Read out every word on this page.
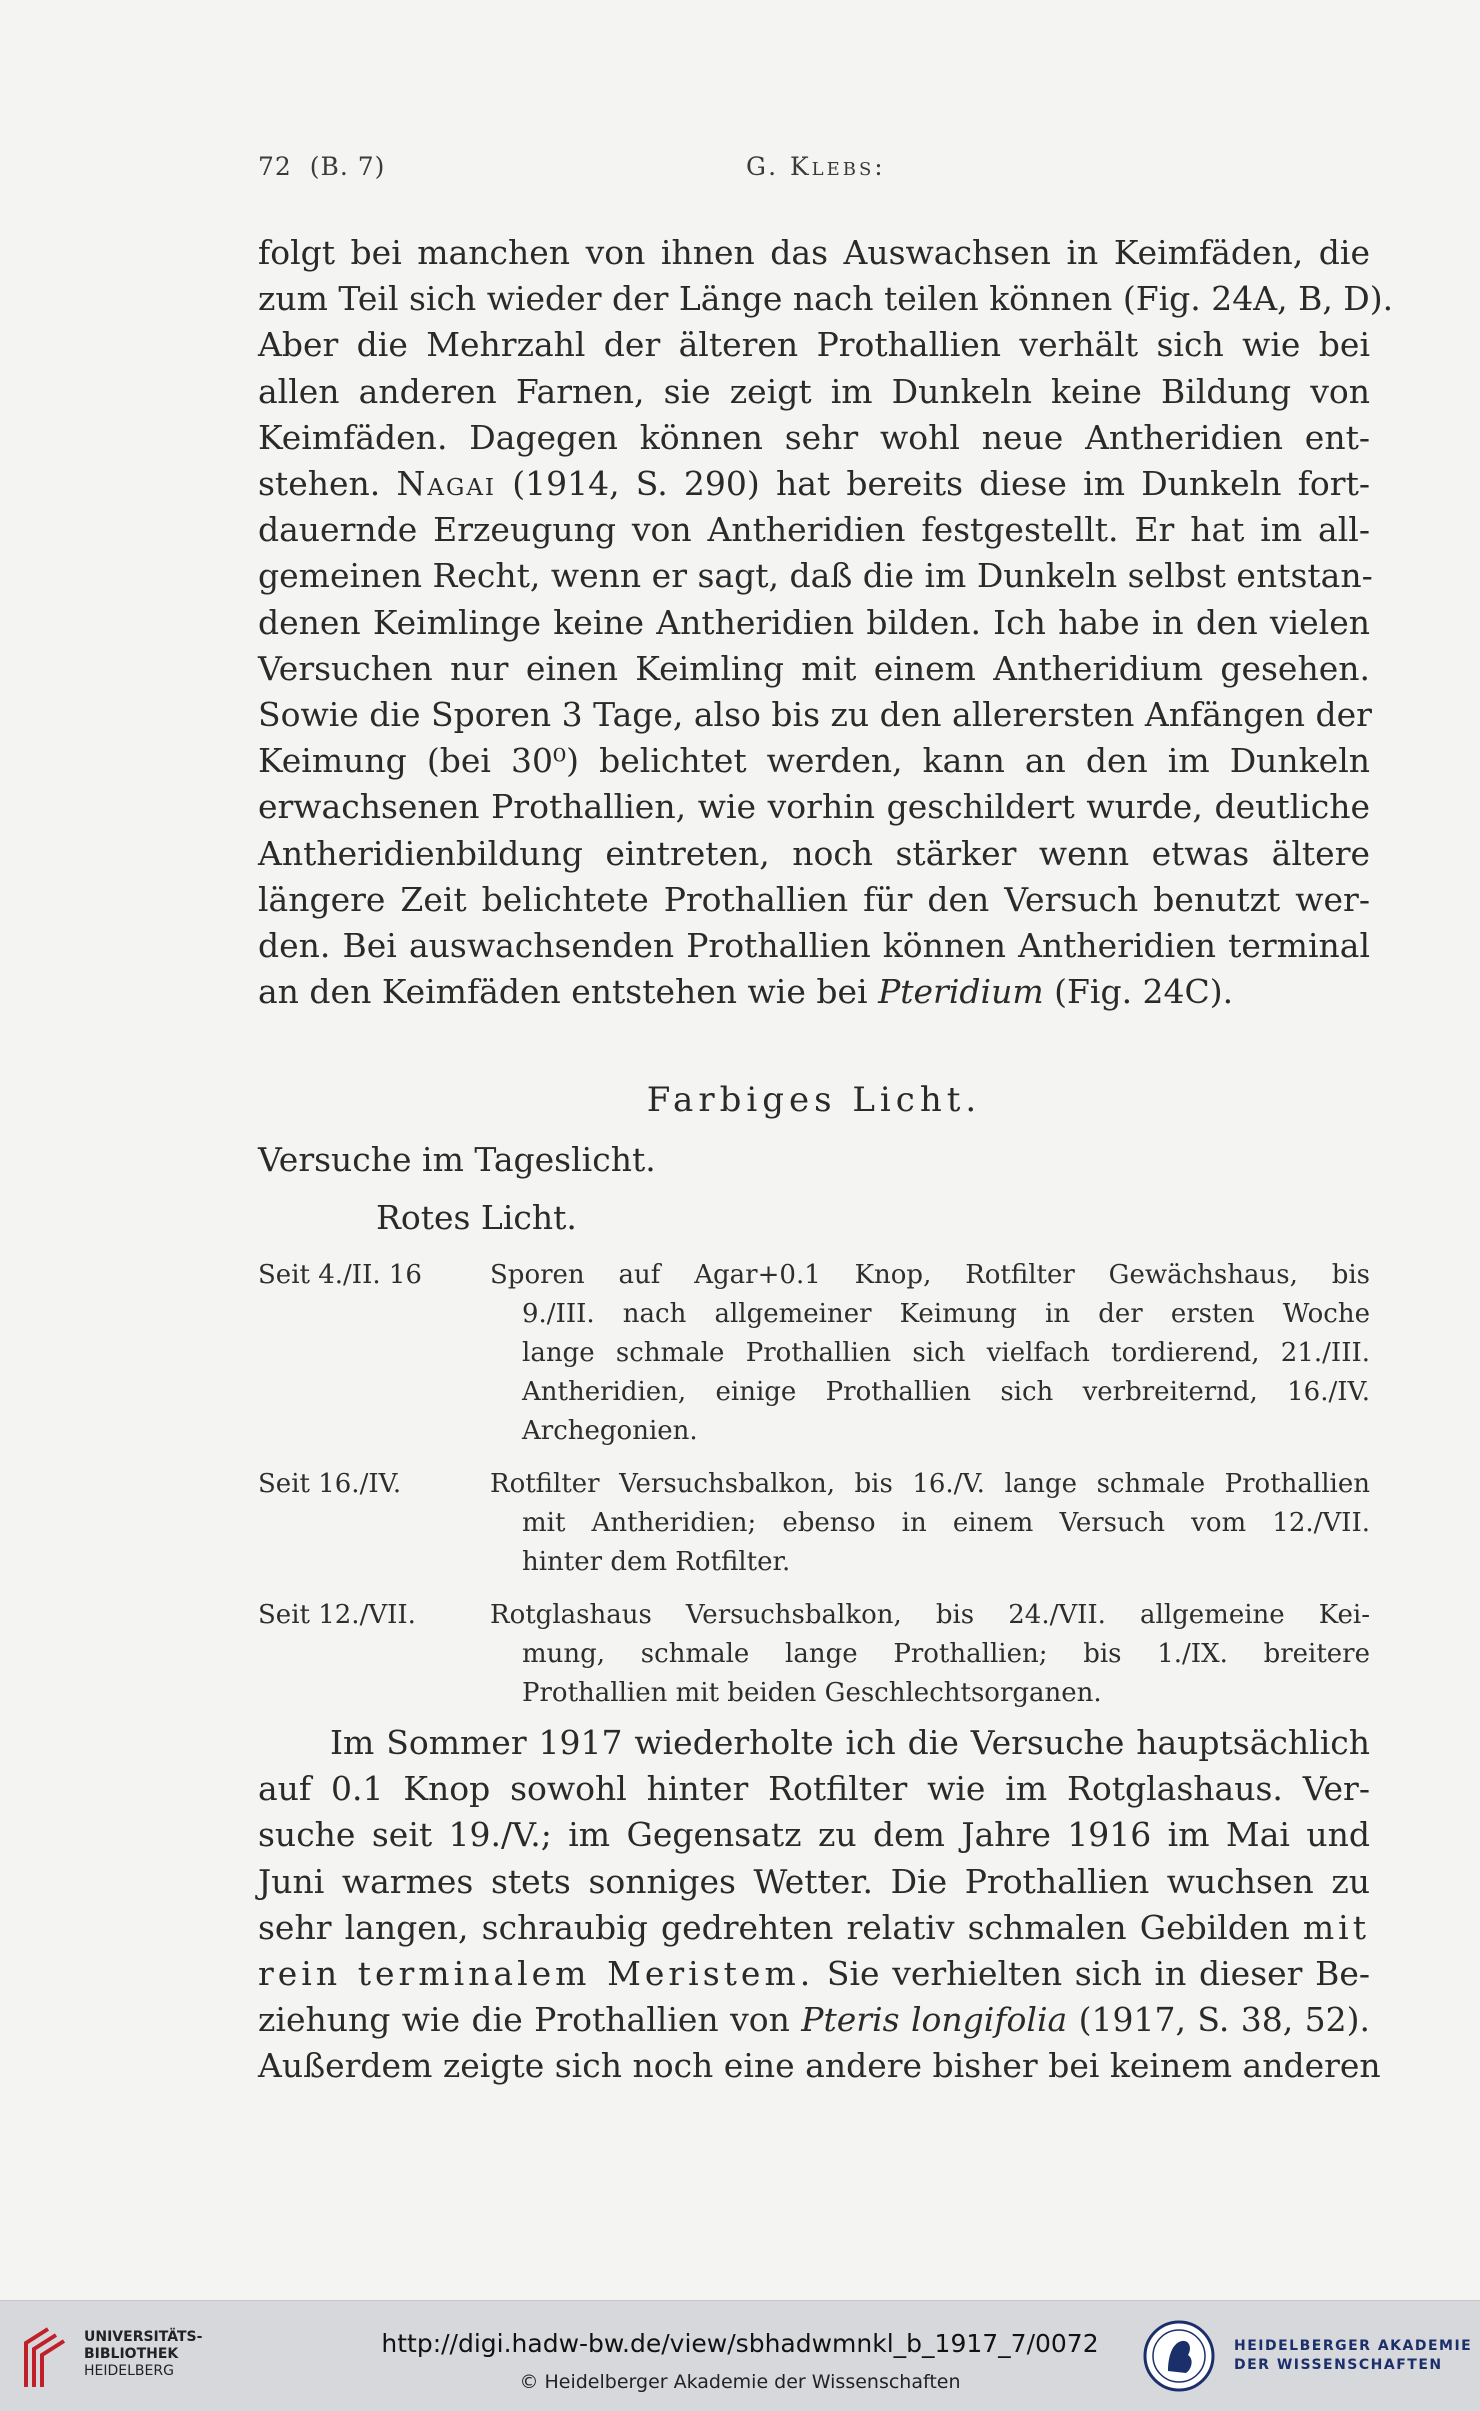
72 (B. 7)	G. Klebs:
folgt bei manchen von ihnen das Auswachsen in Keimfäden, die
zum Teil sich wieder der Länge nach teilen können (Fig. 24A, B, D).
Aber die Mehrzahl der älteren Prothallien verhält sich wie bei
allen anderen Farnen, sie zeigt im Dunkeln keine Bildung von
Keimfäden. Dagegen können sehr wohl neue Antheridien ent-
stehen. Nagai (1914, S. 290) hat bereits diese im Dunkeln fort-
dauernde Erzeugung von Antheridien festgestellt. Er hat im all-
gemeinen Recht, wenn er sagt, daß die im Dunkeln selbst entstan-
denen Keimlinge keine Antheridien bilden. Ich habe in den vielen
Versuchen nur einen Keimling mit einem Antheridium gesehen.
Sowie die Sporen 3 Tage, also bis zu den allerersten Anfängen der
Keimung (bei 30⁰) belichtet werden, kann an den im Dunkeln
erwachsenen Prothallien, wie vorhin geschildert wurde, deutliche
Antheridienbildung eintreten, noch stärker wenn etwas ältere
längere Zeit belichtete Prothallien für den Versuch benutzt wer-
den. Bei auswachsenden Prothallien können Antheridien terminal
an den Keimfäden entstehen wie bei Pteridium (Fig. 24C).
Farbiges Licht.
Versuche im Tageslicht.
Rotes Licht.
Seit 4./II. 16	Sporen auf Agar+0.1 Knop, Rotfilter Gewächshaus, bis
9./III. nach allgemeiner Keimung in der ersten Woche
lange schmale Prothallien sich vielfach tordierend, 21./III.
Antheridien, einige Prothallien sich verbreiternd, 16./IV.
Archegonien.
Seit 16./IV.	Rotfilter Versuchsbalkon, bis 16./V. lange schmale Prothallien
mit Antheridien; ebenso in einem Versuch vom 12./VII.
hinter dem Rotfilter.
Seit 12./VII.	Rotglashaus Versuchsbalkon, bis 24./VII. allgemeine Kei-
mung, schmale lange Prothallien; bis 1./IX. breitere
Prothallien mit beiden Geschlechtsorganen.
Im Sommer 1917 wiederholte ich die Versuche hauptsächlich
auf 0.1 Knop sowohl hinter Rotfilter wie im Rotglashaus. Ver-
suche seit 19./V.; im Gegensatz zu dem Jahre 1916 im Mai und
Juni warmes stets sonniges Wetter. Die Prothallien wuchsen zu
sehr langen, schraubig gedrehten relativ schmalen Gebilden mit
rein terminalem Meristem. Sie verhielten sich in dieser Be-
ziehung wie die Prothallien von Pteris longifolia (1917, S. 38, 52).
Außerdem zeigte sich noch eine andere bisher bei keinem anderen
UNIVERSITÄTS-
BIBLIOTHEK
HEIDELBERG
http://digi.hadw-bw.de/view/sbhadwmnkl_b_1917_7/0072
© Heidelberger Akademie der Wissenschaften
HEIDELBERGER AKADEMIE
DER WISSENSCHAFTEN
